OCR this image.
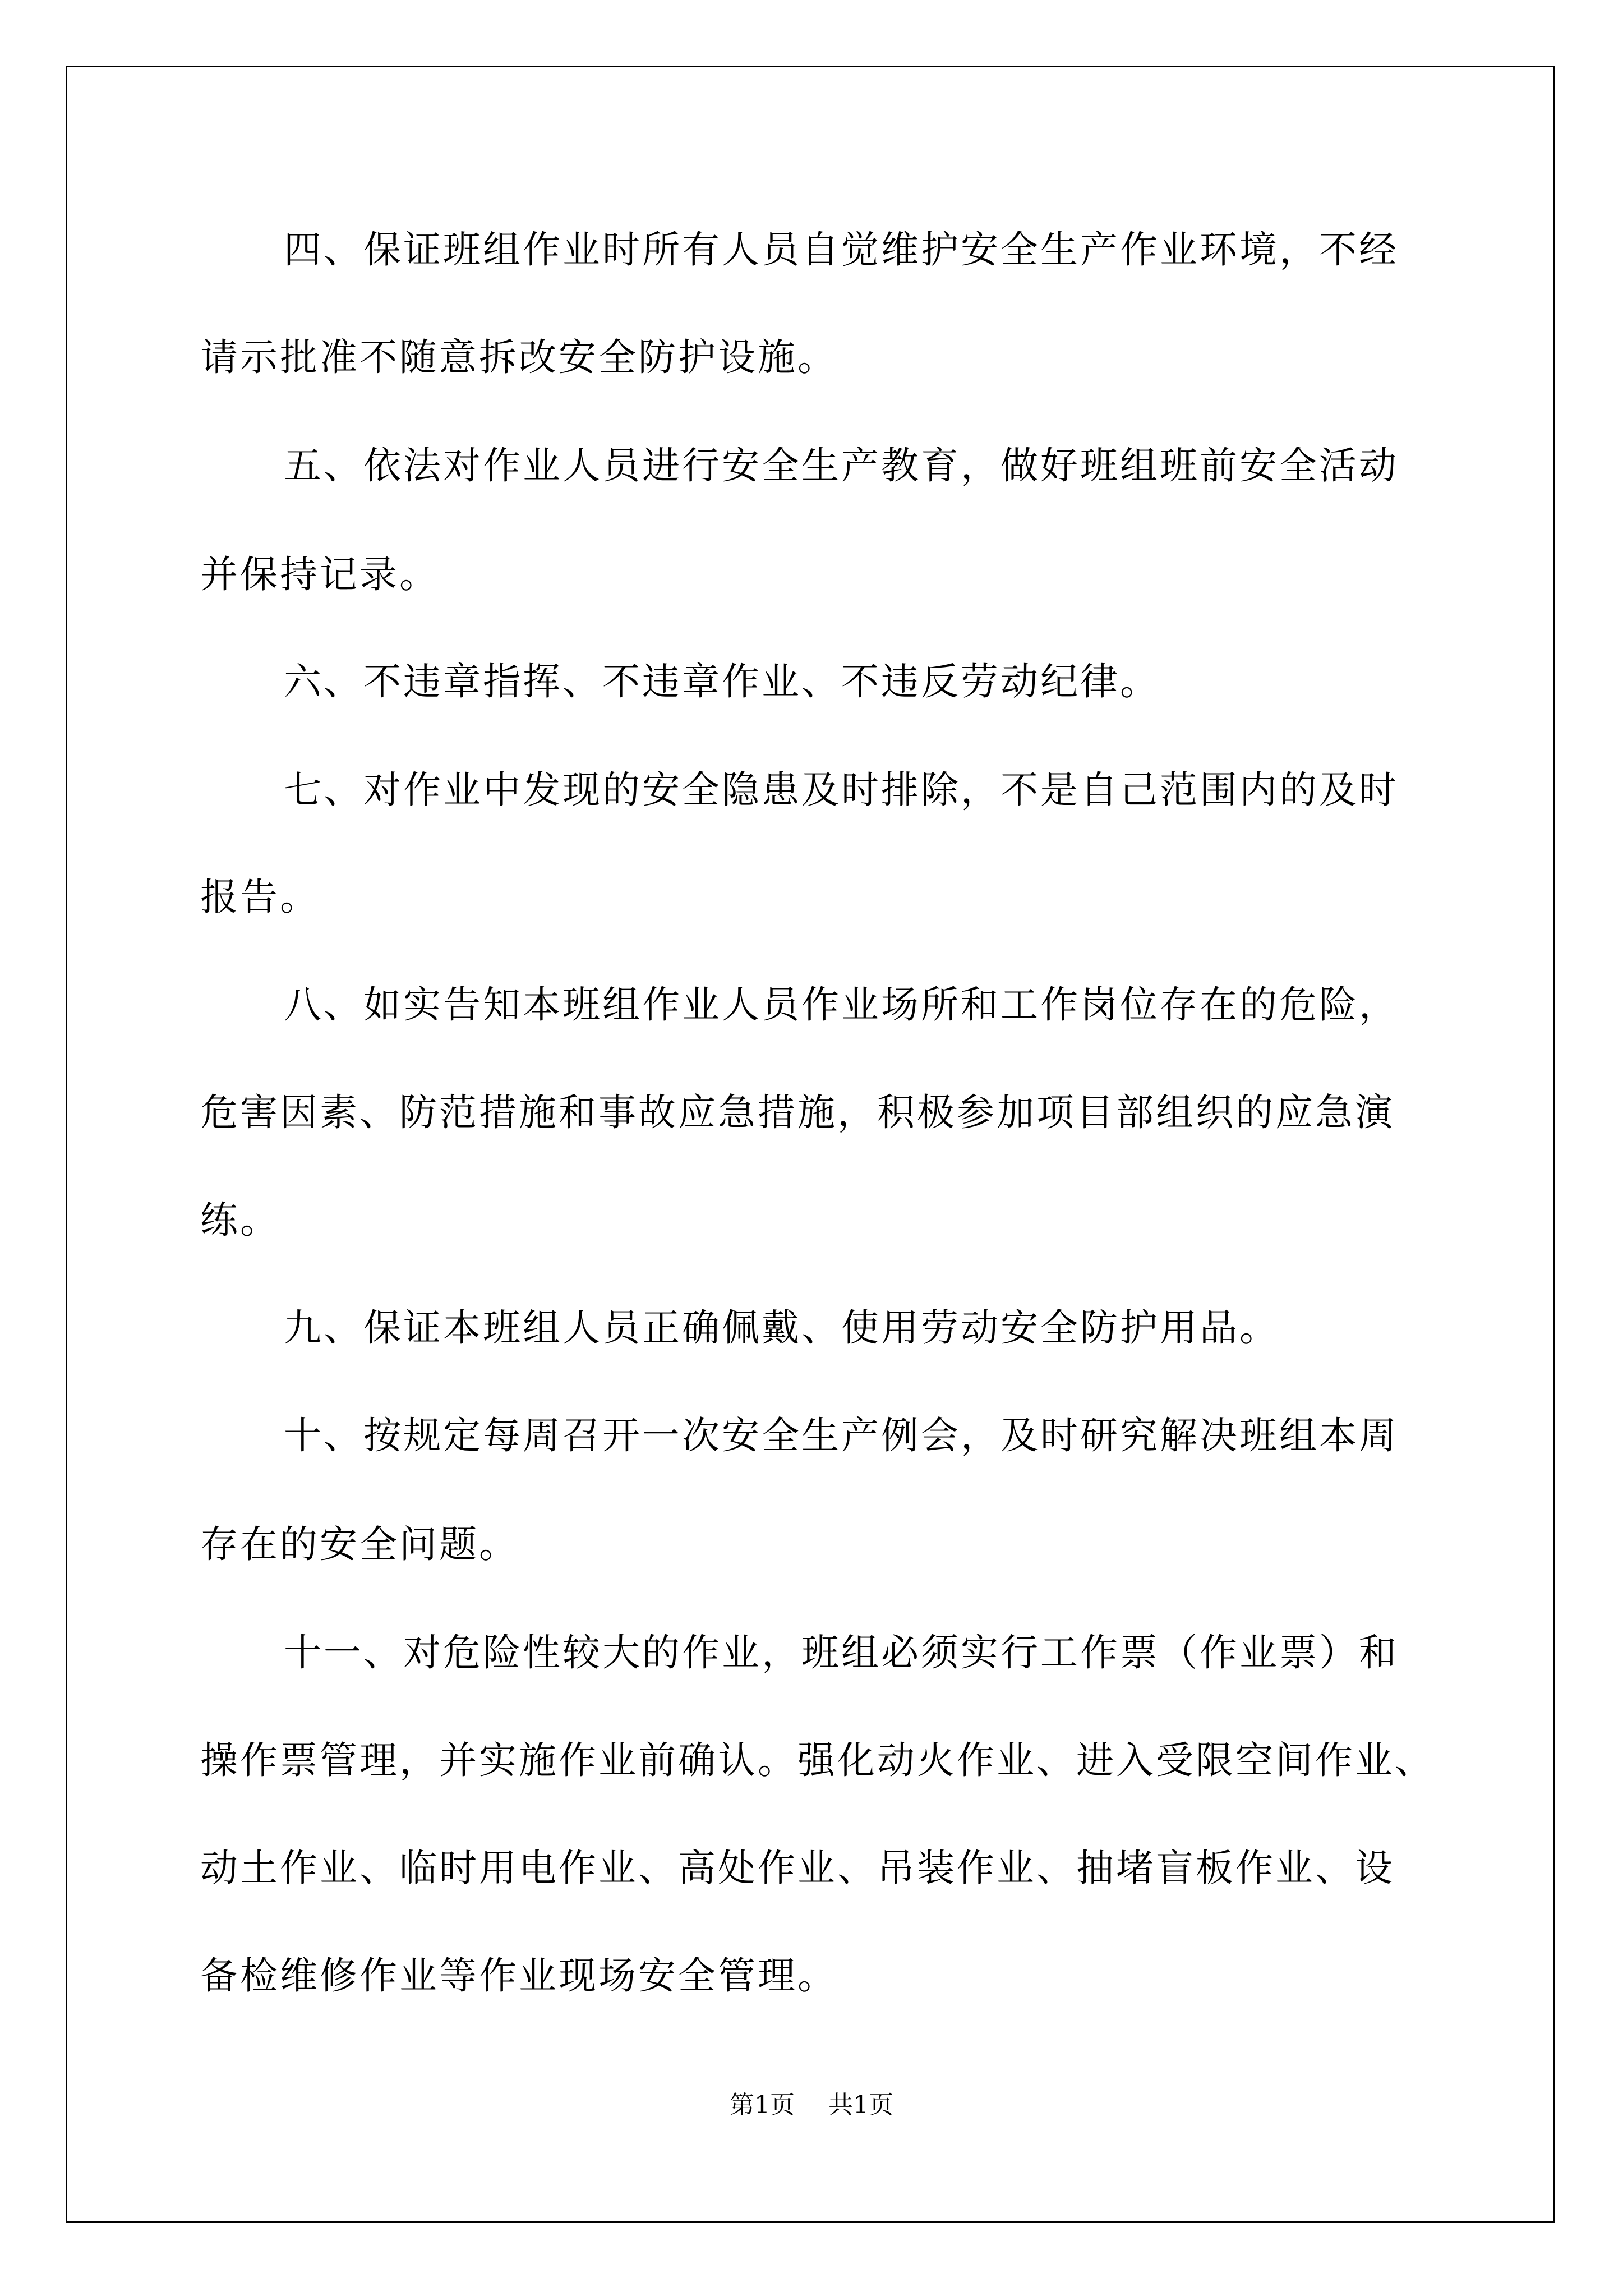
四、保证班组作业时所有人员自觉维护安全生产作业环境，不经
请示批准不随意拆改安全防护设施。
五、依法对作业人员进行安全生产教育，做好班组班前安全活动
并保持记录。
六、不违章指挥、不违章作业、不违反劳动纪律。
七、对作业中发现的安全隐患及时排除，不是自己范围内的及时
报告。
八、如实告知本班组作业人员作业场所和工作岗位存在的危险，
危害因素、防范措施和事故应急措施，积极参加项目部组织的应急演
练。
九、保证本班组人员正确佩戴、使用劳动安全防护用品。
十、按规定每周召开一次安全生产例会，及时研究解决班组本周
存在的安全问题。
十一、对危险性较大的作业，班组必须实行工作票（作业票）和
操作票管理，并实施作业前确认。强化动火作业、进入受限空间作业、
动土作业、临时用电作业、高处作业、吊装作业、抽堵盲板作业、设
备检维修作业等作业现场安全管理。
第1页 共1页
